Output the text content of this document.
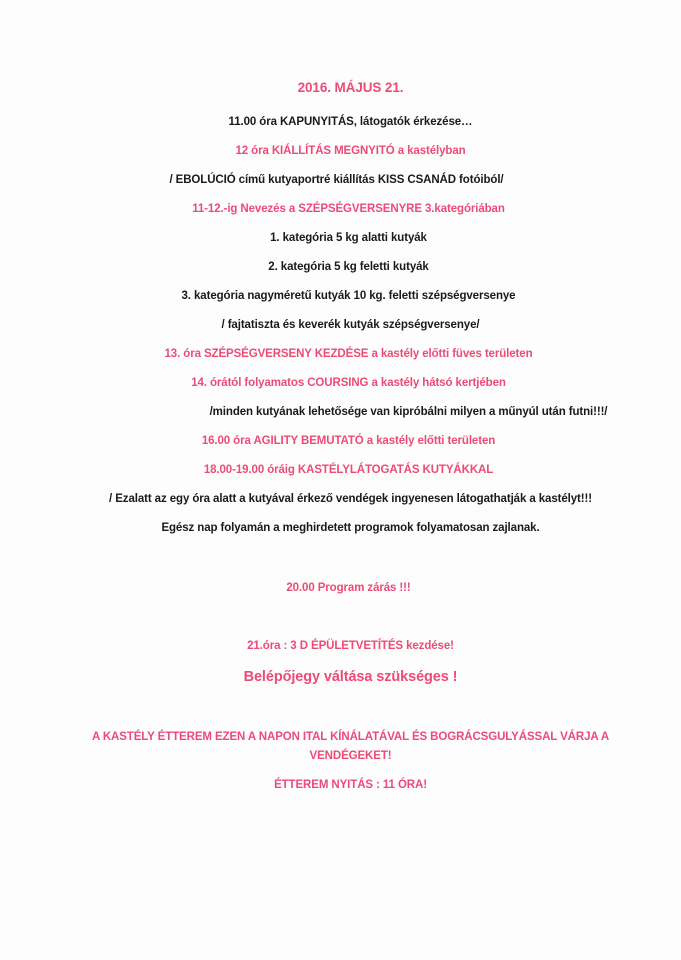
2016. MÁJUS 21.
11.00 óra KAPUNYITÁS, látogatók érkezése…
12 óra KIÁLLÍTÁS MEGNYITÓ a kastélyban
/ EBOLÚCIÓ című kutyaportré kiállítás KISS CSANÁD fotóiból/
11-12.-ig Nevezés a SZÉPSÉGVERSENYRE 3.kategóriában
1. kategória 5 kg alatti kutyák
2. kategória 5 kg feletti kutyák
3. kategória nagyméretű kutyák 10 kg. feletti szépségversenye
/ fajtatiszta és keverék kutyák szépségversenye/
13. óra SZÉPSÉGVERSENY KEZDÉSE a kastély előtti füves területen
14. órától folyamatos COURSING a kastély hátsó kertjében
/minden kutyának lehetősége van kipróbálni milyen a műnyúl után futni!!!/
16.00 óra AGILITY BEMUTATÓ a kastély előtti területen
18.00-19.00 óráig KASTÉLYLÁTOGATÁS KUTYÁKKAL
/ Ezalatt az egy óra alatt a kutyával érkező vendégek ingyenesen látogathatják a kastélyt!!!
Egész nap folyamán a meghirdetett programok folyamatosan zajlanak.
20.00 Program zárás !!!
21.óra : 3 D ÉPÜLETVETÍTÉS kezdése!
Belépőjegy váltása szükséges !
A KASTÉLY ÉTTEREM EZEN A NAPON ITAL KÍNÁLATÁVAL ÉS BOGRÁCSGULYÁSSAL VÁRJA A
VENDÉGEKET!
ÉTTEREM NYITÁS : 11 ÓRA!
